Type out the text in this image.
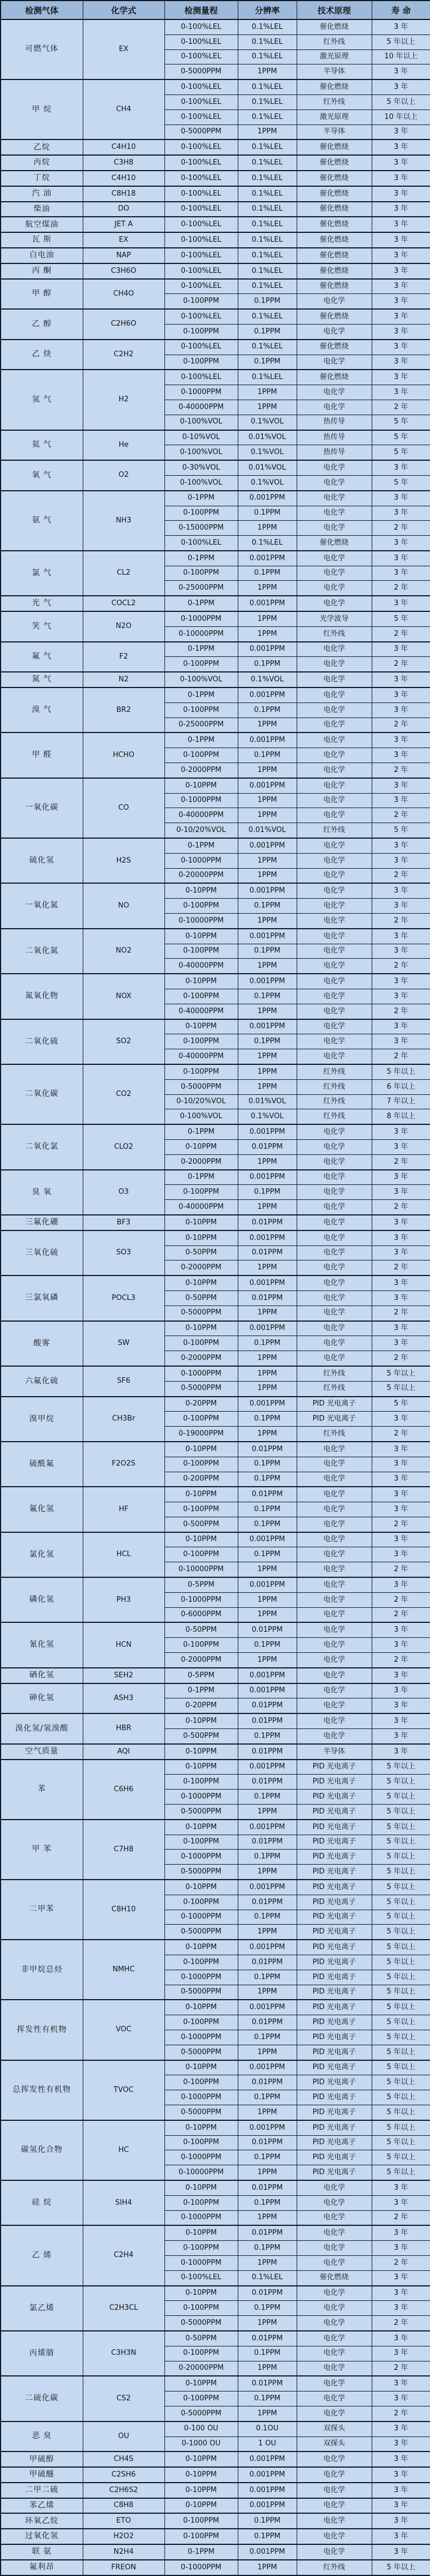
检测气体	化学式	检测量程	分辨率	技术原理	寿 命
可燃气体	EX	0-100%LEL	0.1%LEL	催化燃烧	3 年
		0-100%LEL	0.1%LEL	红外线	5 年以上
		0-100%LEL	0.1%LEL	激光原理	10 年以上
		0-5000PPM	1PPM	半导体	3 年
甲 烷	CH4	0-100%LEL	0.1%LEL	催化燃烧	3 年
		0-100%LEL	0.1%LEL	红外线	5 年以上
		0-100%LEL	0.1%LEL	激光原理	10 年以上
		0-5000PPM	1PPM	半导体	3 年
乙烷	C4H10	0-100%LEL	0.1%LEL	催化燃烧	3 年
丙烷	C3H8	0-100%LEL	0.1%LEL	催化燃烧	3 年
丁烷	C4H10	0-100%LEL	0.1%LEL	催化燃烧	3 年
汽 油	C8H18	0-100%LEL	0.1%LEL	催化燃烧	3 年
柴油	DO	0-100%LEL	0.1%LEL	催化燃烧	3 年
航空煤油	JET A	0-100%LEL	0.1%LEL	催化燃烧	3 年
瓦 斯	EX	0-100%LEL	0.1%LEL	催化燃烧	3 年
白电油	NAP	0-100%LEL	0.1%LEL	催化燃烧	3 年
丙 酮	C3H6O	0-100%LEL	0.1%LEL	催化燃烧	3 年
甲 醇	CH4O	0-100%LEL	0.1%LEL	催化燃烧	3 年
		0-100PPM	0.1PPM	电化学	3 年
乙 醇	C2H6O	0-100%LEL	0.1%LEL	催化燃烧	3 年
		0-100PPM	0.1PPM	电化学	3 年
乙 炔	C2H2	0-100%LEL	0.1%LEL	催化燃烧	3 年
		0-100PPM	0.1PPM	电化学	3 年
氢 气	H2	0-100%LEL	0.1%LEL	催化燃烧	3 年
		0-1000PPM	1PPM	电化学	3 年
		0-40000PPM	1PPM	电化学	2 年
		0-100%VOL	0.1%VOL	热传导	5 年
氦 气	He	0-10%VOL	0.01%VOL	热传导	5 年
		0-100%VOL	0.1%VOL	热传导	5 年
氧 气	O2	0-30%VOL	0.01%VOL	电化学	3 年
		0-100%VOL	0.1%VOL	电化学	5 年
氨 气	NH3	0-1PPM	0.001PPM	电化学	3 年
		0-100PPM	0.1PPM	电化学	3 年
		0-15000PPM	1PPM	电化学	2 年
		0-100%LEL	0.1%LEL	催化燃烧	3 年
氯 气	CL2	0-1PPM	0.001PPM	电化学	3 年
		0-100PPM	0.1PPM	电化学	3 年
		0-25000PPM	1PPM	电化学	2 年
光 气	COCL2	0-1PPM	0.001PPM	电化学	3 年
笑 气	N2O	0-1000PPM	1PPM	光学波导	5 年
		0-10000PPM	1PPM	红外线	2 年
氟 气	F2	0-1PPM	0.001PPM	电化学	3 年
		0-100PPM	0.1PPM	电化学	2 年
氮 气	N2	0-100%VOL	0.1%VOL	电化学	3 年
溴 气	BR2	0-1PPM	0.001PPM	电化学	3 年
		0-100PPM	0.1PPM	电化学	3 年
		0-25000PPM	1PPM	电化学	2 年
甲 醛	HCHO	0-1PPM	0.001PPM	电化学	3 年
		0-100PPM	0.1PPM	电化学	3 年
		0-2000PPM	1PPM	电化学	2 年
一氧化碳	CO	0-10PPM	0.001PPM	电化学	3 年
		0-1000PPM	1PPM	电化学	3 年
		0-40000PPM	1PPM	电化学	2 年
		0-10/20%VOL	0.01%VOL	红外线	5 年
硫化氢	H2S	0-1PPM	0.001PPM	电化学	3 年
		0-1000PPM	1PPM	电化学	3 年
		0-20000PPM	1PPM	电化学	2 年
一氧化氮	NO	0-10PPM	0.001PPM	电化学	3 年
		0-100PPM	0.1PPM	电化学	3 年
		0-10000PPM	1PPM	电化学	2 年
二氧化氮	NO2	0-10PPM	0.001PPM	电化学	3 年
		0-100PPM	0.1PPM	电化学	3 年
		0-40000PPM	1PPM	电化学	2 年
氮氧化物	NOX	0-10PPM	0.001PPM	电化学	3 年
		0-100PPM	0.1PPM	电化学	3 年
		0-40000PPM	1PPM	电化学	2 年
二氧化硫	SO2	0-10PPM	0.001PPM	电化学	3 年
		0-100PPM	0.1PPM	电化学	3 年
		0-40000PPM	1PPM	电化学	2 年
二氧化碳	CO2	0-100PPM	1PPM	红外线	5 年以上
		0-5000PPM	1PPM	红外线	6 年以上
		0-10/20%VOL	0.01%VOL	红外线	7 年以上
		0-100%VOL	0.1%VOL	红外线	8 年以上
二氧化氯	CLO2	0-1PPM	0.001PPM	电化学	3 年
		0-10PPM	0.01PPM	电化学	3 年
		0-2000PPM	1PPM	电化学	2 年
臭 氧	O3	0-1PPM	0.001PPM	电化学	3 年
		0-100PPM	0.1PPM	电化学	3 年
		0-40000PPM	1PPM	电化学	2 年
三氟化硼	BF3	0-10PPM	0.01PPM	电化学	3 年
三氧化硫	SO3	0-10PPM	0.001PPM	电化学	3 年
		0-50PPM	0.01PPM	电化学	3 年
		0-2000PPM	1PPM	电化学	2 年
三氯氧磷	POCL3	0-10PPM	0.001PPM	电化学	3 年
		0-50PPM	0.01PPM	电化学	3 年
		0-5000PPM	1PPM	电化学	2 年
酸雾	SW	0-10PPM	0.001PPM	电化学	3 年
		0-100PPM	0.1PPM	电化学	3 年
		0-2000PPM	1PPM	电化学	2 年
六氟化硫	SF6	0-1000PPM	1PPM	红外线	5 年以上
		0-5000PPM	1PPM	红外线	5 年以上
溴甲烷	CH3Br	0-20PPM	0.001PPM	PID 光电离子	5 年
		0-100PPM	0.1PPM	PID 光电离子	3 年
		0-19000PPM	1PPM	红外线	2 年
硫酰氟	F2O2S	0-10PPM	0.01PPM	电化学	3 年
		0-100PPM	0.1PPM	电化学	3 年
		0-200PPM	0.1PPM	电化学	3 年
氟化氢	HF	0-10PPM	0.01PPM	电化学	3 年
		0-100PPM	0.1PPM	电化学	3 年
		0-500PPM	0.1PPM	电化学	2 年
氯化氢	HCL	0-10PPM	0.001PPM	电化学	3 年
		0-100PPM	0.1PPM	电化学	3 年
		0-10000PPM	1PPM	电化学	2 年
磷化氢	PH3	0-5PPM	0.001PPM	电化学	3 年
		0-1000PPM	1PPM	电化学	2 年
		0-6000PPM	1PPM	电化学	2 年
氰化氢	HCN	0-50PPM	0.01PPM	电化学	3 年
		0-100PPM	0.1PPM	电化学	3 年
		0-2000PPM	1PPM	电化学	2 年
硒化氢	SEH2	0-5PPM	0.001PPM	电化学	3 年
砷化氢	ASH3	0-1PPM	0.001PPM	电化学	3 年
		0-20PPM	0.01PPM	电化学	3 年
溴化氢/氢溴酸	HBR	0-10PPM	0.01PPM	电化学	3 年
		0-500PPM	0.1PPM	电化学	3 年
空气质量	AQI	0-10PPM	0.01PPM	半导体	3 年
苯	C6H6	0-10PPM	0.001PPM	PID 光电离子	5 年以上
		0-100PPM	0.01PPM	PID 光电离子	5 年以上
		0-1000PPM	0.1PPM	PID 光电离子	5 年以上
		0-5000PPM	1PPM	PID 光电离子	5 年以上
甲 苯	C7H8	0-10PPM	0.001PPM	PID 光电离子	5 年以上
		0-100PPM	0.01PPM	PID 光电离子	5 年以上
		0-1000PPM	0.1PPM	PID 光电离子	5 年以上
		0-5000PPM	1PPM	PID 光电离子	5 年以上
二甲苯	C8H10	0-10PPM	0.001PPM	PID 光电离子	5 年以上
		0-100PPM	0.01PPM	PID 光电离子	5 年以上
		0-1000PPM	0.1PPM	PID 光电离子	5 年以上
		0-5000PPM	1PPM	PID 光电离子	5 年以上
非甲烷总烃	NMHC	0-10PPM	0.001PPM	PID 光电离子	5 年以上
		0-100PPM	0.01PPM	PID 光电离子	5 年以上
		0-1000PPM	0.1PPM	PID 光电离子	5 年以上
		0-5000PPM	1PPM	PID 光电离子	5 年以上
挥发性有机物	VOC	0-10PPM	0.001PPM	PID 光电离子	5 年以上
		0-100PPM	0.01PPM	PID 光电离子	5 年以上
		0-1000PPM	0.1PPM	PID 光电离子	5 年以上
		0-5000PPM	1PPM	PID 光电离子	5 年以上
总挥发性有机物	TVOC	0-10PPM	0.001PPM	PID 光电离子	5 年以上
		0-100PPM	0.01PPM	PID 光电离子	5 年以上
		0-1000PPM	0.1PPM	PID 光电离子	5 年以上
		0-5000PPM	1PPM	PID 光电离子	5 年以上
碳氢化合物	HC	0-10PPM	0.001PPM	PID 光电离子	5 年以上
		0-100PPM	0.01PPM	PID 光电离子	5 年以上
		0-1000PPM	0.1PPM	PID 光电离子	5 年以上
		0-10000PPM	1PPM	PID 光电离子	5 年以上
硅 烷	SIH4	0-10PPM	0.01PPM	电化学	3 年
		0-100PPM	0.1PPM	电化学	3 年
		0-1000PPM	1PPM	电化学	2 年
乙 烯	C2H4	0-10PPM	0.01PPM	电化学	3 年
		0-100PPM	0.1PPM	电化学	3 年
		0-1000PPM	1PPM	电化学	2 年
		0-100%LEL	0.1%LEL	催化燃烧	3 年
氯乙烯	C2H3CL	0-10PPM	0.01PPM	电化学	3 年
		0-100PPM	0.1PPM	电化学	3 年
		0-5000PPM	1PPM	电化学	2 年
丙烯腈	C3H3N	0-50PPM	0.01PPM	电化学	3 年
		0-100PPM	0.1PPM	电化学	3 年
		0-20000PPM	1PPM	电化学	2 年
二硫化碳	CS2	0-10PPM	0.01PPM	电化学	3 年
		0-100PPM	0.1PPM	电化学	3 年
		0-5000PPM	1PPM	电化学	2 年
恶 臭	OU	0-100 OU	0.1OU	双探头	3 年
		0-1000 OU	1 OU	双探头	3 年
甲硫醇	CH4S	0-10PPM	0.001PPM	电化学	3 年
甲硫醚	C2SH6	0-10PPM	0.001PPM	电化学	3 年
二甲二硫	C2H6S2	0-10PPM	0.001PPM	电化学	3 年
苯乙烯	C8H8	0-10PPM	0.001PPM	电化学	3 年
环氧乙烷	ETO	0-100PPM	0.1PPM	电化学	3 年
过氧化氢	H2O2	0-100PPM	0.1PPM	电化学	3 年
联 氨	N2H4	0-1PPM	0.001PPM	电化学	3 年
氟利昂	FREON	0-1000PPM	1PPM	红外线	5 年以上
